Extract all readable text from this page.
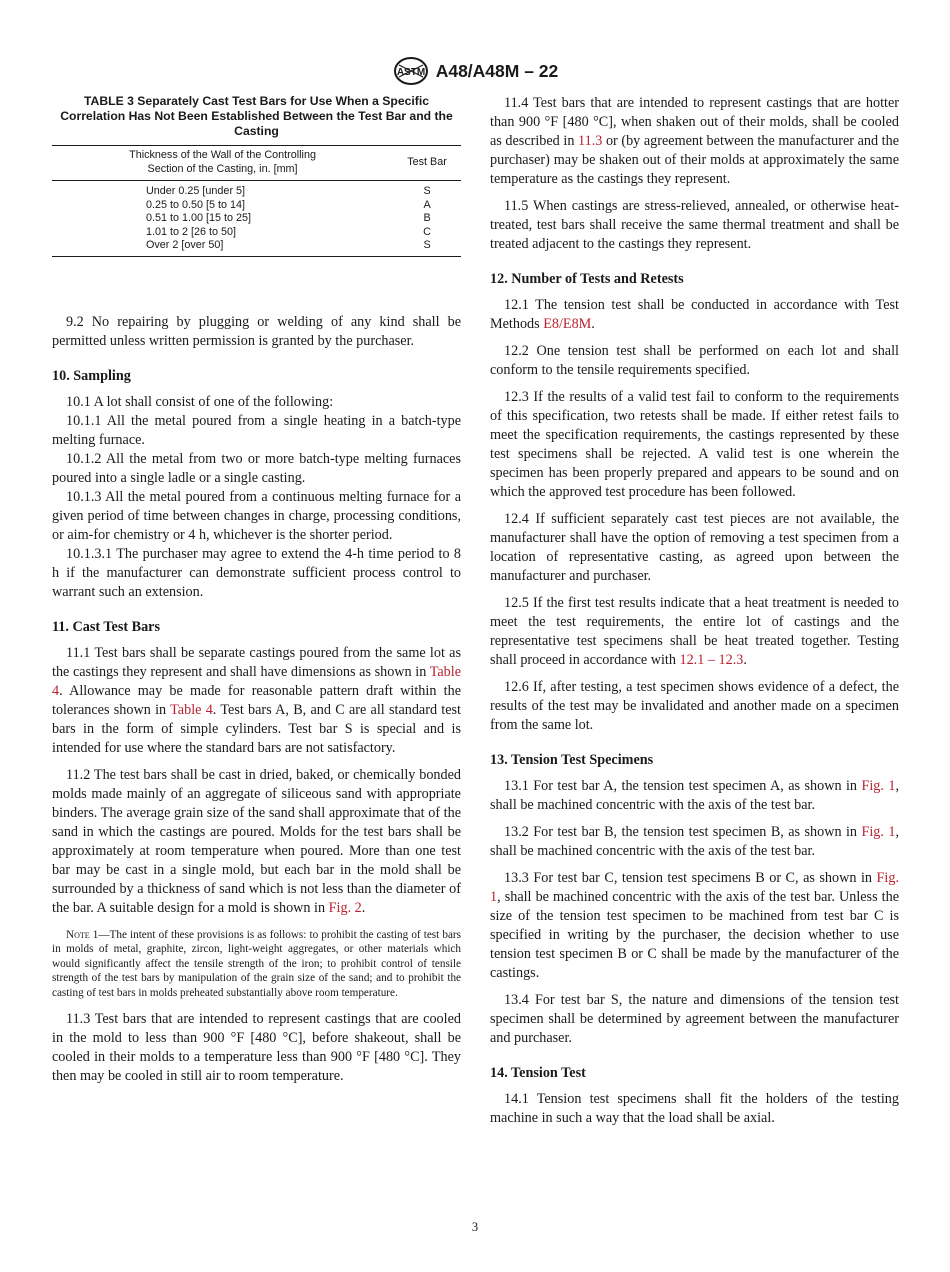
ASTM A48/A48M – 22
TABLE 3 Separately Cast Test Bars for Use When a Specific Correlation Has Not Been Established Between the Test Bar and the Casting
Thickness of the Wall of the Controlling
Section of the Casting, in. [mm]	Test Bar
Under 0.25 [under 5]	S
0.25 to 0.50 [5 to 14]	A
0.51 to 1.00 [15 to 25]	B
1.01 to 2 [26 to 50]	C
Over 2 [over 50]	S

9.2 No repairing by plugging or welding of any kind shall be permitted unless written permission is granted by the purchaser.

10. Sampling

10.1 A lot shall consist of one of the following:

10.1.1 All the metal poured from a single heating in a batch-type melting furnace.

10.1.2 All the metal from two or more batch-type melting furnaces poured into a single ladle or a single casting.

10.1.3 All the metal poured from a continuous melting furnace for a given period of time between changes in charge, processing conditions, or aim-for chemistry or 4 h, whichever is the shorter period.

10.1.3.1 The purchaser may agree to extend the 4-h time period to 8 h if the manufacturer can demonstrate sufficient process control to warrant such an extension.

11. Cast Test Bars

11.1 Test bars shall be separate castings poured from the same lot as the castings they represent and shall have dimensions as shown in Table 4. Allowance may be made for reasonable pattern draft within the tolerances shown in Table 4. Test bars A, B, and C are all standard test bars in the form of simple cylinders. Test bar S is special and is intended for use where the standard bars are not satisfactory.

11.2 The test bars shall be cast in dried, baked, or chemically bonded molds made mainly of an aggregate of siliceous sand with appropriate binders. The average grain size of the sand shall approximate that of the sand in which the castings are poured. Molds for the test bars shall be approximately at room temperature when poured. More than one test bar may be cast in a single mold, but each bar in the mold shall be surrounded by a thickness of sand which is not less than the diameter of the bar. A suitable design for a mold is shown in Fig. 2.

Note 1—The intent of these provisions is as follows: to prohibit the casting of test bars in molds of metal, graphite, zircon, light-weight aggregates, or other materials which would significantly affect the tensile strength of the iron; to prohibit control of tensile strength of the test bars by manipulation of the grain size of the sand; and to prohibit the casting of test bars in molds preheated substantially above room temperature.

11.3 Test bars that are intended to represent castings that are cooled in the mold to less than 900 °F [480 °C], before shakeout, shall be cooled in their molds to a temperature less than 900 °F [480 °C]. They then may be cooled in still air to room temperature.

11.4 Test bars that are intended to represent castings that are hotter than 900 °F [480 °C], when shaken out of their molds, shall be cooled as described in 11.3 or (by agreement between the manufacturer and the purchaser) may be shaken out of their molds at approximately the same temperature as the castings they represent.

11.5 When castings are stress-relieved, annealed, or otherwise heat-treated, test bars shall receive the same thermal treatment and shall be treated adjacent to the castings they represent.

12. Number of Tests and Retests

12.1 The tension test shall be conducted in accordance with Test Methods E8/E8M.

12.2 One tension test shall be performed on each lot and shall conform to the tensile requirements specified.

12.3 If the results of a valid test fail to conform to the requirements of this specification, two retests shall be made. If either retest fails to meet the specification requirements, the castings represented by these test specimens shall be rejected. A valid test is one wherein the specimen has been properly prepared and appears to be sound and on which the approved test procedure has been followed.

12.4 If sufficient separately cast test pieces are not available, the manufacturer shall have the option of removing a test specimen from a location of representative casting, as agreed upon between the manufacturer and purchaser.

12.5 If the first test results indicate that a heat treatment is needed to meet the test requirements, the entire lot of castings and the representative test specimens shall be heat treated together. Testing shall proceed in accordance with 12.1 – 12.3.

12.6 If, after testing, a test specimen shows evidence of a defect, the results of the test may be invalidated and another made on a specimen from the same lot.

13. Tension Test Specimens

13.1 For test bar A, the tension test specimen A, as shown in Fig. 1, shall be machined concentric with the axis of the test bar.

13.2 For test bar B, the tension test specimen B, as shown in Fig. 1, shall be machined concentric with the axis of the test bar.

13.3 For test bar C, tension test specimens B or C, as shown in Fig. 1, shall be machined concentric with the axis of the test bar. Unless the size of the tension test specimen to be machined from test bar C is specified in writing by the purchaser, the decision whether to use tension test specimen B or C shall be made by the manufacturer of the castings.

13.4 For test bar S, the nature and dimensions of the tension test specimen shall be determined by agreement between the manufacturer and purchaser.

14. Tension Test

14.1 Tension test specimens shall fit the holders of the testing machine in such a way that the load shall be axial.

3
